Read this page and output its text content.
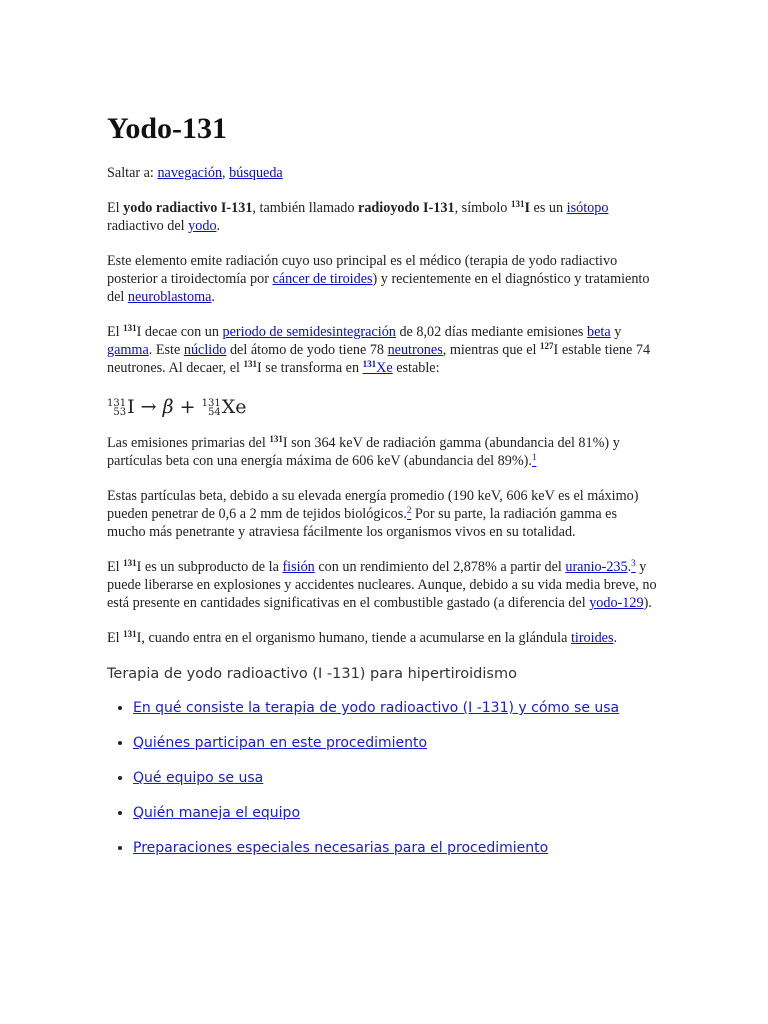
Yodo-131

Saltar a: navegación, búsqueda

El yodo radiactivo I-131, también llamado radioyodo I-131, símbolo $^{131}$I es un isótopo radiactivo del yodo.

Este elemento emite radiación cuyo uso principal es el médico (terapia de yodo radiactivo posterior a tiroidectomía por cáncer de tiroides) y recientemente en el diagnóstico y tratamiento del neuroblastoma.

El $^{131}$I decae con un periodo de semidesintegración de 8,02 días mediante emisiones beta y gamma. Este núclido del átomo de yodo tiene 78 neutrones, mientras que el $^{127}$I estable tiene 74 neutrones. Al decaer, el $^{131}$I se transforma en $^{131}$Xe estable:

131
53 I → β + 131
54 Xe

Las emisiones primarias del $^{131}$I son 364 keV de radiación gamma (abundancia del 81%) y partículas beta con una energía máxima de 606 keV (abundancia del 89%).$^1$

Estas partículas beta, debido a su elevada energía promedio (190 keV, 606 keV es el máximo) pueden penetrar de 0,6 a 2 mm de tejidos biológicos.$^2$ Por su parte, la radiación gamma es mucho más penetrante y atraviesa fácilmente los organismos vivos en su totalidad.

El $^{131}$I es un subproducto de la fisión con un rendimiento del 2,878% a partir del uranio-235.$^3$ y puede liberarse en explosiones y accidentes nucleares. Aunque, debido a su vida media breve, no está presente en cantidades significativas en el combustible gastado (a diferencia del yodo-129).

El $^{131}$I, cuando entra en el organismo humano, tiende a acumularse en la glándula tiroides.

Terapia de yodo radioactivo (I -131) para hipertiroidismo
• En qué consiste la terapia de yodo radioactivo (I -131) y cómo se usa
• Quiénes participan en este procedimiento
• Qué equipo se usa
• Quién maneja el equipo
• Preparaciones especiales necesarias para el procedimiento
